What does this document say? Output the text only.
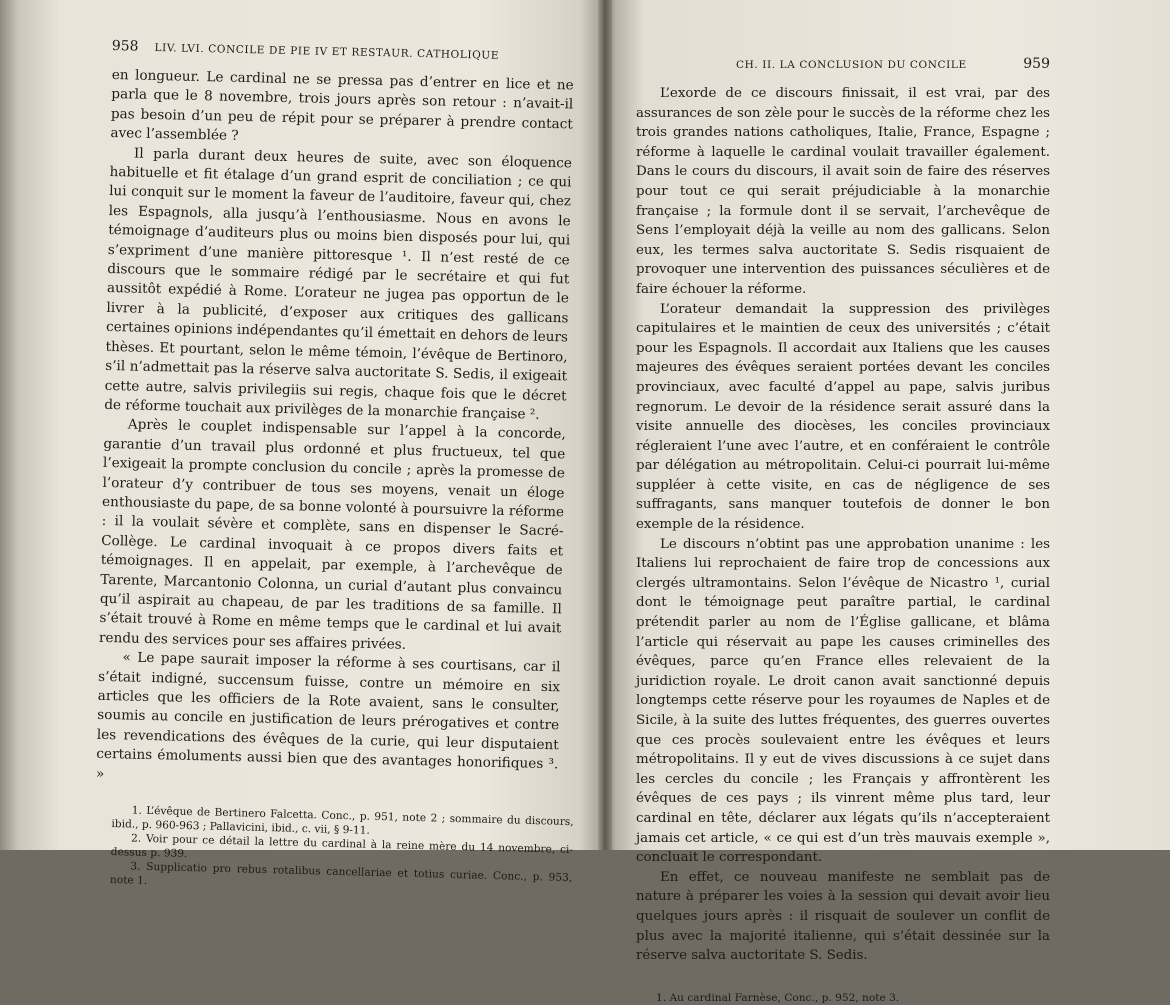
958 LIV. LVI. CONCILE DE PIE IV ET RESTAUR. CATHOLIQUE

en longueur. Le cardinal ne se pressa pas d’entrer en lice et ne parla que le 8 novembre, trois jours après son retour : n’avait-il pas besoin d’un peu de répit pour se préparer à prendre contact avec l’assemblée ?

Il parla durant deux heures de suite, avec son éloquence habituelle et fit étalage d’un grand esprit de conciliation ; ce qui lui conquit sur le moment la faveur de l’auditoire, faveur qui, chez les Espagnols, alla jusqu’à l’enthousiasme. Nous en avons le témoignage d’auditeurs plus ou moins bien disposés pour lui, qui s’expriment d’une manière pittoresque ¹. Il n’est resté de ce discours que le sommaire rédigé par le secrétaire et qui fut aussitôt expédié à Rome. L’orateur ne jugea pas opportun de le livrer à la publicité, d’exposer aux critiques des gallicans certaines opinions indépendantes qu’il émettait en dehors de leurs thèses. Et pourtant, selon le même témoin, l’évêque de Bertinoro, s’il n’admettait pas la réserve salva auctoritate S. Sedis, il exigeait cette autre, salvis privilegiis sui regis, chaque fois que le décret de réforme touchait aux privilèges de la monarchie française ².

Après le couplet indispensable sur l’appel à la concorde, garantie d’un travail plus ordonné et plus fructueux, tel que l’exigeait la prompte conclusion du concile ; après la promesse de l’orateur d’y contribuer de tous ses moyens, venait un éloge enthousiaste du pape, de sa bonne volonté à poursuivre la réforme : il la voulait sévère et complète, sans en dispenser le Sacré-Collège. Le cardinal invoquait à ce propos divers faits et témoignages. Il en appelait, par exemple, à l’archevêque de Tarente, Marcantonio Colonna, un curial d’autant plus convaincu qu’il aspirait au chapeau, de par les traditions de sa famille. Il s’était trouvé à Rome en même temps que le cardinal et lui avait rendu des services pour ses affaires privées.

« Le pape saurait imposer la réforme à ses courtisans, car il s’était indigné, succensum fuisse, contre un mémoire en six articles que les officiers de la Rote avaient, sans le consulter, soumis au concile en justification de leurs prérogatives et contre les revendications des évêques de la curie, qui leur disputaient certains émoluments aussi bien que des avantages honorifiques ³. »

1. L’évêque de Bertinero Falcetta. Conc., p. 951, note 2 ; sommaire du discours, ibid., p. 960-963 ; Pallavicini, ibid., c. vii, § 9-11.

2. Voir pour ce détail la lettre du cardinal à la reine mère du 14 novembre, ci-dessus p. 939.

3. Supplicatio pro rebus rotalibus cancellariae et totius curiae. Conc., p. 953, note 1.

CH. II. LA CONCLUSION DU CONCILE	959

L’exorde de ce discours finissait, il est vrai, par des assurances de son zèle pour le succès de la réforme chez les trois grandes nations catholiques, Italie, France, Espagne ; réforme à laquelle le cardinal voulait travailler également. Dans le cours du discours, il avait soin de faire des réserves pour tout ce qui serait préjudiciable à la monarchie française ; la formule dont il se servait, l’archevêque de Sens l’employait déjà la veille au nom des gallicans. Selon eux, les termes salva auctoritate S. Sedis risquaient de provoquer une intervention des puissances séculières et de faire échouer la réforme.

L’orateur demandait la suppression des privilèges capitulaires et le maintien de ceux des universités ; c’était pour les Espagnols. Il accordait aux Italiens que les causes majeures des évêques seraient portées devant les conciles provinciaux, avec faculté d’appel au pape, salvis juribus regnorum. Le devoir de la résidence serait assuré dans la visite annuelle des diocèses, les conciles provinciaux régleraient l’une avec l’autre, et en conféraient le contrôle par délégation au métropolitain. Celui-ci pourrait lui-même suppléer à cette visite, en cas de négligence de ses suffragants, sans manquer toutefois de donner le bon exemple de la résidence.

Le discours n’obtint pas une approbation unanime : les Italiens lui reprochaient de faire trop de concessions aux clergés ultramontains. Selon l’évêque de Nicastro ¹, curial dont le témoignage peut paraître partial, le cardinal prétendit parler au nom de l’Église gallicane, et blâma l’article qui réservait au pape les causes criminelles des évêques, parce qu’en France elles relevaient de la juridiction royale. Le droit canon avait sanctionné depuis longtemps cette réserve pour les royaumes de Naples et de Sicile, à la suite des luttes fréquentes, des guerres ouvertes que ces procès soulevaient entre les évêques et leurs métropolitains. Il y eut de vives discussions à ce sujet dans les cercles du concile ; les Français y affrontèrent les évêques de ces pays ; ils vinrent même plus tard, leur cardinal en tête, déclarer aux légats qu’ils n’accepteraient jamais cet article, « ce qui est d’un très mauvais exemple », concluait le correspondant.

En effet, ce nouveau manifeste ne semblait pas de nature à préparer les voies à la session qui devait avoir lieu quelques jours après : il risquait de soulever un conflit de plus avec la majorité italienne, qui s’était dessinée sur la réserve salva auctoritate S. Sedis.

1. Au cardinal Farnèse, Conc., p. 952, note 3.
